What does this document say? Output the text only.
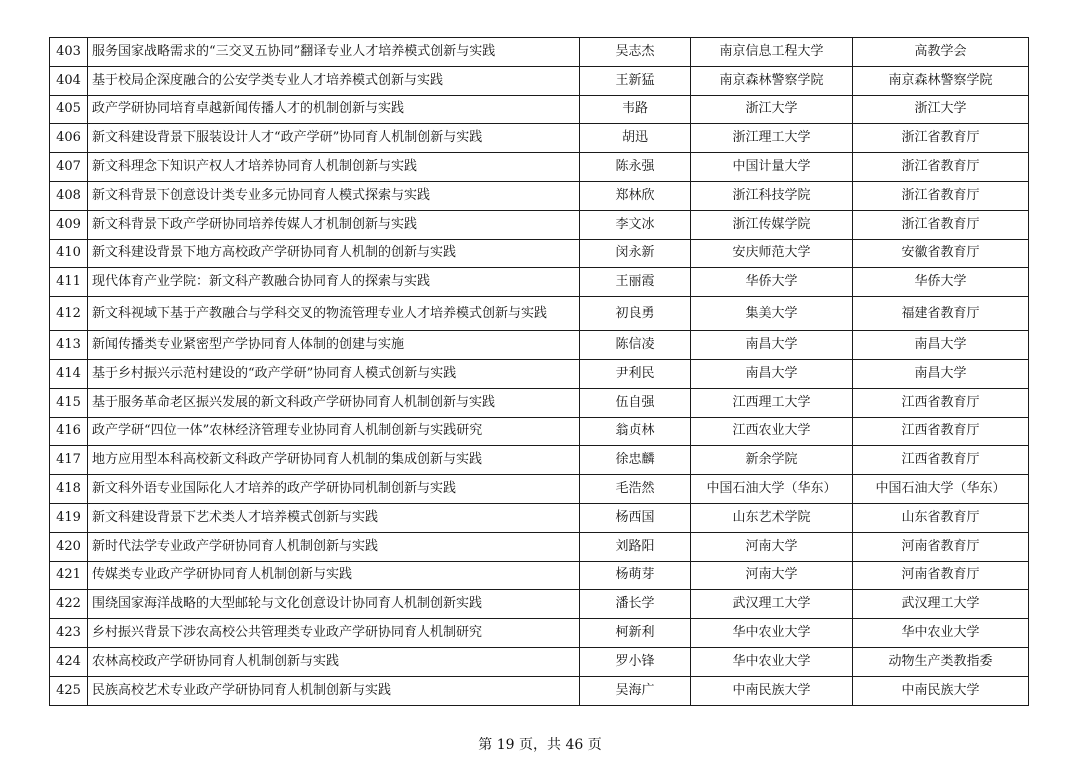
403	服务国家战略需求的“三交叉五协同”翻译专业人才培养模式创新与实践	吴志杰	南京信息工程大学	高教学会
404	基于校局企深度融合的公安学类专业人才培养模式创新与实践	王新猛	南京森林警察学院	南京森林警察学院
405	政产学研协同培育卓越新闻传播人才的机制创新与实践	韦路	浙江大学	浙江大学
406	新文科建设背景下服装设计人才“政产学研”协同育人机制创新与实践	胡迅	浙江理工大学	浙江省教育厅
407	新文科理念下知识产权人才培养协同育人机制创新与实践	陈永强	中国计量大学	浙江省教育厅
408	新文科背景下创意设计类专业多元协同育人模式探索与实践	郑林欣	浙江科技学院	浙江省教育厅
409	新文科背景下政产学研协同培养传媒人才机制创新与实践	李文冰	浙江传媒学院	浙江省教育厅
410	新文科建设背景下地方高校政产学研协同育人机制的创新与实践	闵永新	安庆师范大学	安徽省教育厅
411	现代体育产业学院：新文科产教融合协同育人的探索与实践	王丽霞	华侨大学	华侨大学
412	新文科视域下基于产教融合与学科交叉的物流管理专业人才培养模式创新与实践	初良勇	集美大学	福建省教育厅
413	新闻传播类专业紧密型产学协同育人体制的创建与实施	陈信凌	南昌大学	南昌大学
414	基于乡村振兴示范村建设的“政产学研”协同育人模式创新与实践	尹利民	南昌大学	南昌大学
415	基于服务革命老区振兴发展的新文科政产学研协同育人机制创新与实践	伍自强	江西理工大学	江西省教育厅
416	政产学研“四位一体”农林经济管理专业协同育人机制创新与实践研究	翁贞林	江西农业大学	江西省教育厅
417	地方应用型本科高校新文科政产学研协同育人机制的集成创新与实践	徐忠麟	新余学院	江西省教育厅
418	新文科外语专业国际化人才培养的政产学研协同机制创新与实践	毛浩然	中国石油大学（华东）	中国石油大学（华东）
419	新文科建设背景下艺术类人才培养模式创新与实践	杨西国	山东艺术学院	山东省教育厅
420	新时代法学专业政产学研协同育人机制创新与实践	刘路阳	河南大学	河南省教育厅
421	传媒类专业政产学研协同育人机制创新与实践	杨萌芽	河南大学	河南省教育厅
422	围绕国家海洋战略的大型邮轮与文化创意设计协同育人机制创新实践	潘长学	武汉理工大学	武汉理工大学
423	乡村振兴背景下涉农高校公共管理类专业政产学研协同育人机制研究	柯新利	华中农业大学	华中农业大学
424	农林高校政产学研协同育人机制创新与实践	罗小锋	华中农业大学	动物生产类教指委
425	民族高校艺术专业政产学研协同育人机制创新与实践	吴海广	中南民族大学	中南民族大学
第 19 页，共 46 页
